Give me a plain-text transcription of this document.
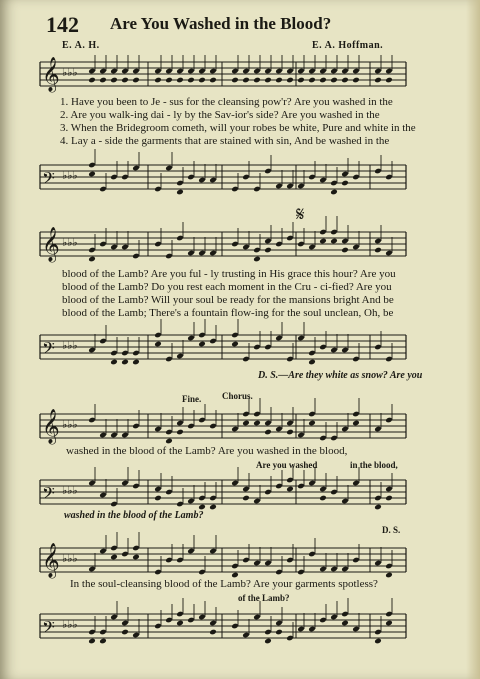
142 Are You Washed in the Blood?
E. A. H.	E. A. Hoffman.
𝄞 ♭♭♭
1. Have you been to Je - sus for the cleansing pow'r? Are you washed in the
2. Are you walk-ing dai - ly by the Sav-ior's side? Are you washed in the
3. When the Bridegroom cometh, will your robes be white, Pure and white in the
4. Lay a - side the garments that are stained with sin, And be washed in the
𝄢 ♭♭♭
𝄞 ♭♭♭
𝄋
blood of the Lamb? Are you ful - ly trusting in His grace this hour? Are you
blood of the Lamb? Do you rest each moment in the Cru - ci-fied? Are you
blood of the Lamb? Will your soul be ready for the mansions bright And be
blood of the Lamb; There's a fountain flow-ing for the soul unclean, Oh, be
𝄢 ♭♭♭
D. S.—Are they white as snow? Are you
Fine. Chorus.
𝄞 ♭♭♭
washed in the blood of the Lamb? Are you washed in the blood,
Are you washed	in the blood,
𝄢 ♭♭♭
washed in the blood of the Lamb?
D. S.
𝄞 ♭♭♭
In the soul-cleansing blood of the Lamb? Are your garments spotless?
of the Lamb?
𝄢 ♭♭♭
